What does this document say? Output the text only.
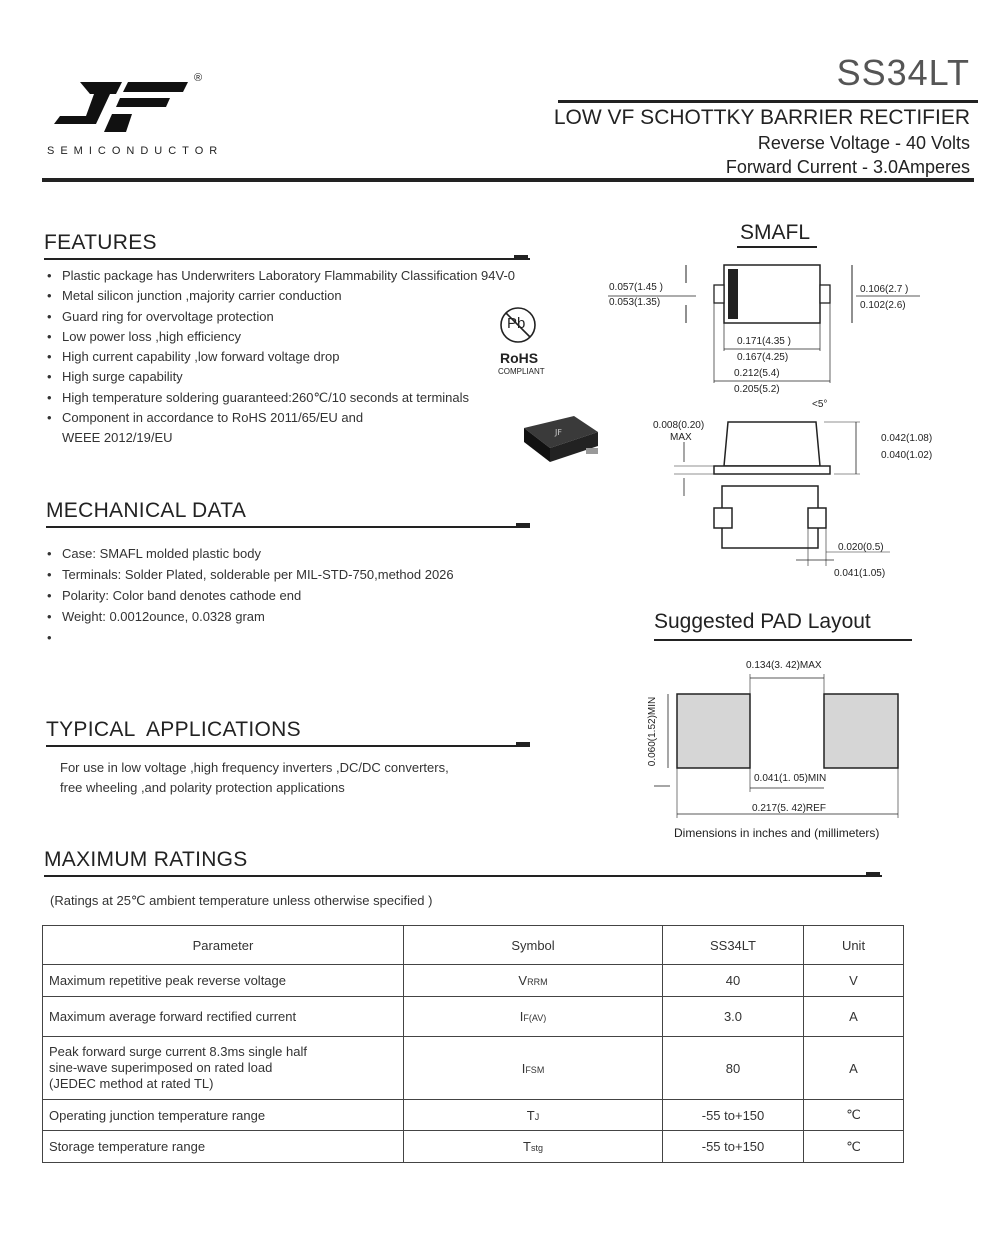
®
SEMICONDUCTOR
SS34LT
LOW VF SCHOTTKY BARRIER RECTIFIER
Reverse Voltage - 40 Volts
Forward Current - 3.0Amperes
FEATURES
• Plastic package has Underwriters Laboratory Flammability Classification 94V-0
• Metal silicon junction ,majority carrier conduction
• Guard ring for overvoltage protection
• Low power loss ,high efficiency
• High current capability ,low forward voltage drop
• High surge capability
• High temperature soldering guaranteed:260℃/10 seconds at terminals
• Component in accordance to RoHS 2011/65/EU and
WEEE 2012/19/EU
Pb
RoHS
COMPLIANT
JF
SMAFL
0.057(1.45 )
0.053(1.35)
0.106(2.7 )
0.102(2.6)
0.171(4.35 )
0.167(4.25)
0.212(5.4)
0.205(5.2)
<5°
0.008(0.20)
MAX	0.042(1.08)
0.040(1.02)
0.020(0.5)
0.041(1.05)
Suggested PAD Layout
0.134(3. 42)MAX
0.060(1.52)MIN
0.041(1. 05)MIN
0.217(5. 42)REF
Dimensions in inches and (millimeters)
MECHANICAL DATA
• Case: SMAFL molded plastic body
• Terminals: Solder Plated, solderable per MIL-STD-750,method 2026
• Polarity: Color band denotes cathode end
• Weight: 0.0012ounce, 0.0328 gram
•
TYPICAL  APPLICATIONS
For use in low voltage ,high frequency inverters ,DC/DC converters,
free wheeling ,and polarity protection applications
MAXIMUM RATINGS
(Ratings at 25℃ ambient temperature unless otherwise specified )
Parameter	Symbol	SS34LT	Unit
Maximum repetitive peak reverse voltage	VRRM	40	V
Maximum average forward rectified current	IF(AV)	3.0	A

Peak forward surge current 8.3ms single half
sine-wave superimposed on rated load
(JEDEC method at rated TL)	IFSM	80	A
Operating junction temperature range	TJ	-55 to+150	℃
Storage temperature range	Tstg	-55 to+150	℃
